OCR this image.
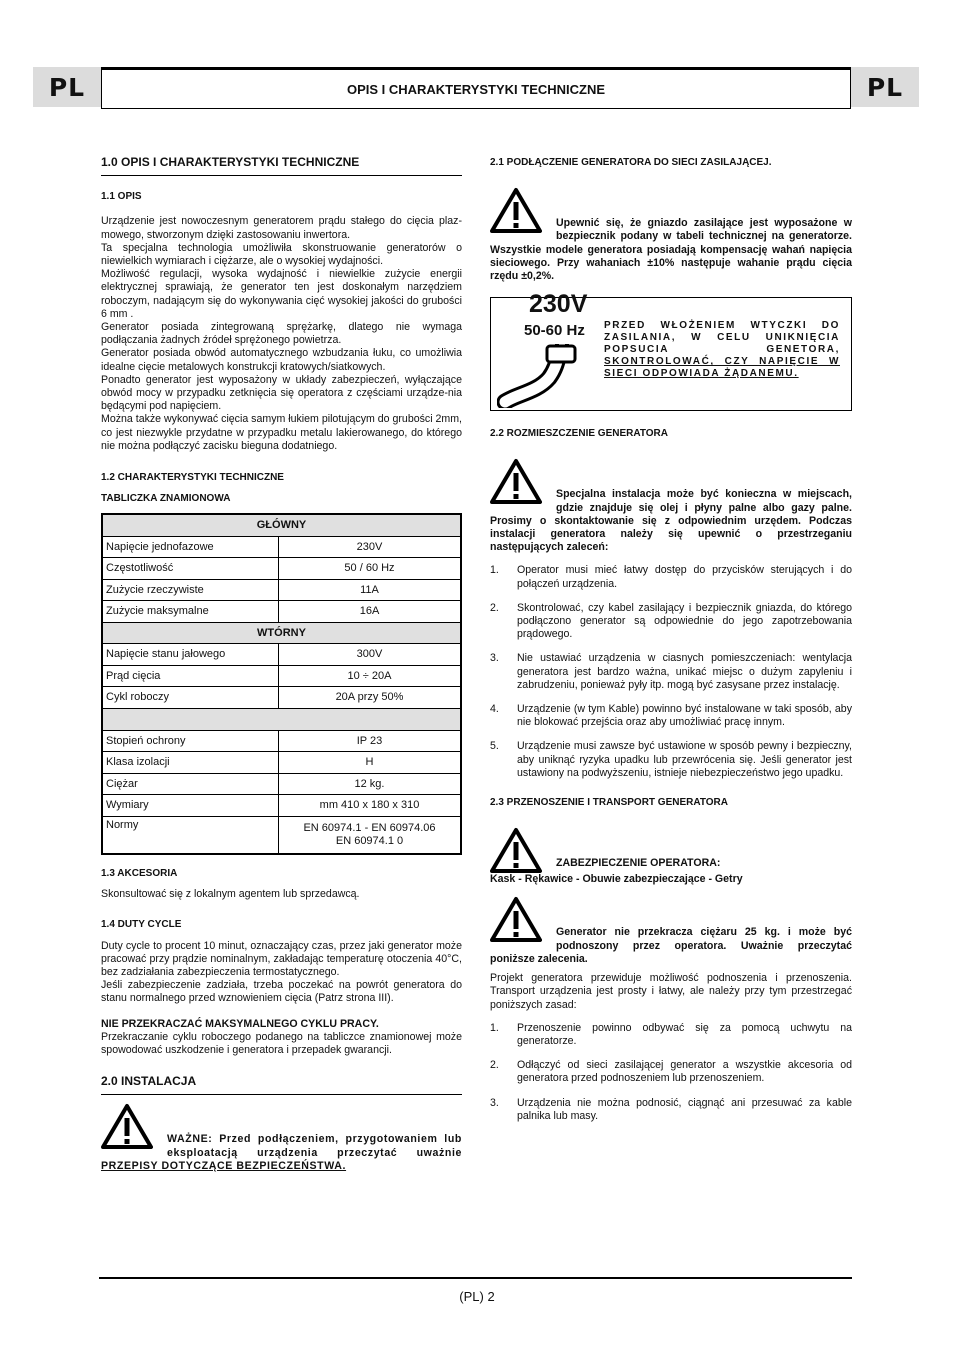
PL	OPIS I CHARAKTERYSTYKI TECHNICZNE	PL
1.0 OPIS I CHARAKTERYSTYKI TECHNICZNE
1.1 OPIS

Urządzenie jest nowoczesnym generatorem prądu stałego do cięcia plaz-mowego, stworzonym dzięki zastosowaniu inwertora.

Ta specjalna technologia umożliwiła skonstruowanie generatorów o niewielkich wymiarach i ciężarze, ale o wysokiej wydajności.

Możliwość regulacji, wysoka wydajność i niewielkie zużycie energii elektrycznej sprawiają, że generator ten jest doskonałym narzędziem roboczym, nadającym się do wykonywania cięć wysokiej jakości do grubości 6 mm .

Generator posiada zintegrowaną sprężarkę, dlatego nie wymaga podłączania żadnych źródeł sprężonego powietrza.

Generator posiada obwód automatycznego wzbudzania łuku, co umożliwia idealne cięcie metalowych konstrukcji kratowych/siatkowych.

Ponadto generator jest wyposażony w układy zabezpieczeń, wyłączające obwód mocy w przypadku zetknięcia się operatora z częściami urządze-nia będącymi pod napięciem.

Można także wykonywać cięcia samym łukiem pilotującym do grubości 2mm, co jest niezwykle przydatne w przypadku metalu lakierowanego, do którego nie można podłączyć zacisku bieguna dodatniego.

1.2 CHARAKTERYSTYKI TECHNICZNE
TABLICZKA ZNAMIONOWA
GŁÓWNY	
Napięcie jednofazowe	230V
Częstotliwość	50 / 60 Hz
Zużycie rzeczywiste	11A
Zużycie maksymalne	16A
WTÓRNY	
Napięcie stanu jałowego	300V
Prąd cięcia	10 ÷ 20A
Cykl roboczy	20A przy 50%

Stopień ochrony	IP 23
Klasa izolacji	H
Ciężar	12 kg.
Wymiary	mm 410 x 180 x 310
Normy	EN 60974.1 - EN 60974.06
EN 60974.1 0
1.3 AKCESORIA

Skonsultować się z lokalnym agentem lub sprzedawcą.

1.4 DUTY CYCLE

Duty cycle to procent 10 minut, oznaczający czas, przez jaki generator może pracować przy prądzie nominalnym, zakładając temperaturę otoczenia 40°C, bez zadziałania zabezpieczenia termostatycznego.

Jeśli zabezpieczenie zadziała, trzeba poczekać na powrót generatora do stanu normalnego przed wznowieniem cięcia (Patrz strona III).

NIE PRZEKRACZAĆ MAKSYMALNEGO CYKLU PRACY.

Przekraczanie cyklu roboczego podanego na tabliczce znamionowej może spowodować uszkodzenie i generatora i przepadek gwarancji.

2.0 INSTALACJA
WAŻNE: Przed podłączeniem, przygotowaniem lub eksploatacją urządzenia przeczytać uważnie PRZEPISY DOTYCZĄCE BEZPIECZEŃSTWA.
2.1 PODŁĄCZENIE GENERATORA DO SIECI ZASILAJĄCEJ.
Upewnić się, że gniazdo zasilające jest wyposażone w bezpiecznik podany w tabeli technicznej na generatorze. Wszystkie modele generatora posiadają kompensację wahań napięcia sieciowego. Przy wahaniach ±10% następuje wahanie prądu cięcia rzędu ±0,2%.
230V
50-60 Hz PRZED WŁOŻENIEM WTYCZKI DO ZASILANIA, W CELU UNIKNIĘCIA POPSUCIA GENETORA, SKONTROLOWAĆ, CZY NAPIĘCIE W SIECI ODPOWIADA ŻĄDANEMU.
2.2 ROZMIESZCZENIE GENERATORA
Specjalna instalacja może być konieczna w miejscach, gdzie znajduje się olej i płyny palne albo gazy palne. Prosimy o skontaktowanie się z odpowiednim urzędem. Podczas instalacji generatora należy się upewnić o przestrzeganiu następujących zaleceń:
1. Operator musi mieć łatwy dostęp do przycisków sterujących i do połączeń urządzenia.
2. Skontrolować, czy kabel zasilający i bezpiecznik gniazda, do którego podłączono generator są odpowiednie do jego zapotrzebowania prądowego.
3. Nie ustawiać urządzenia w ciasnych pomieszczeniach: wentylacja generatora jest bardzo ważna, unikać miejsc o dużym zapyleniu i zabrudzeniu, ponieważ pyły itp. mogą być zasysane przez instalację.
4. Urządzenie (w tym Kable) powinno być instalowane w taki sposób, aby nie blokować przejścia oraz aby umożliwiać pracę innym.
5. Urządzenie musi zawsze być ustawione w sposób pewny i bezpieczny, aby uniknąć ryzyka upadku lub przewrócenia się. Jeśli generator jest ustawiony na podwyższeniu, istnieje niebezpieczeństwo jego upadku.
2.3 PRZENOSZENIE I TRANSPORT GENERATORA
ZABEZPIECZENIE OPERATORA:
Kask - Rękawice - Obuwie zabezpieczające - Getry
Generator nie przekracza ciężaru 25 kg. i może być podnoszony przez operatora. Uważnie przeczytać poniższe zalecenia.

Projekt generatora przewiduje możliwość podnoszenia i przenoszenia. Transport urządzenia jest prosty i łatwy, ale należy przy tym przestrzegać poniższych zasad:

1. Przenoszenie powinno odbywać się za pomocą uchwytu na generatorze.
2. Odłączyć od sieci zasilającej generator a wszystkie akcesoria od generatora przed podnoszeniem lub przenoszeniem.
3. Urządzenia nie można podnosić, ciągnąć ani przesuwać za kable palnika lub masy.
(PL) 2
